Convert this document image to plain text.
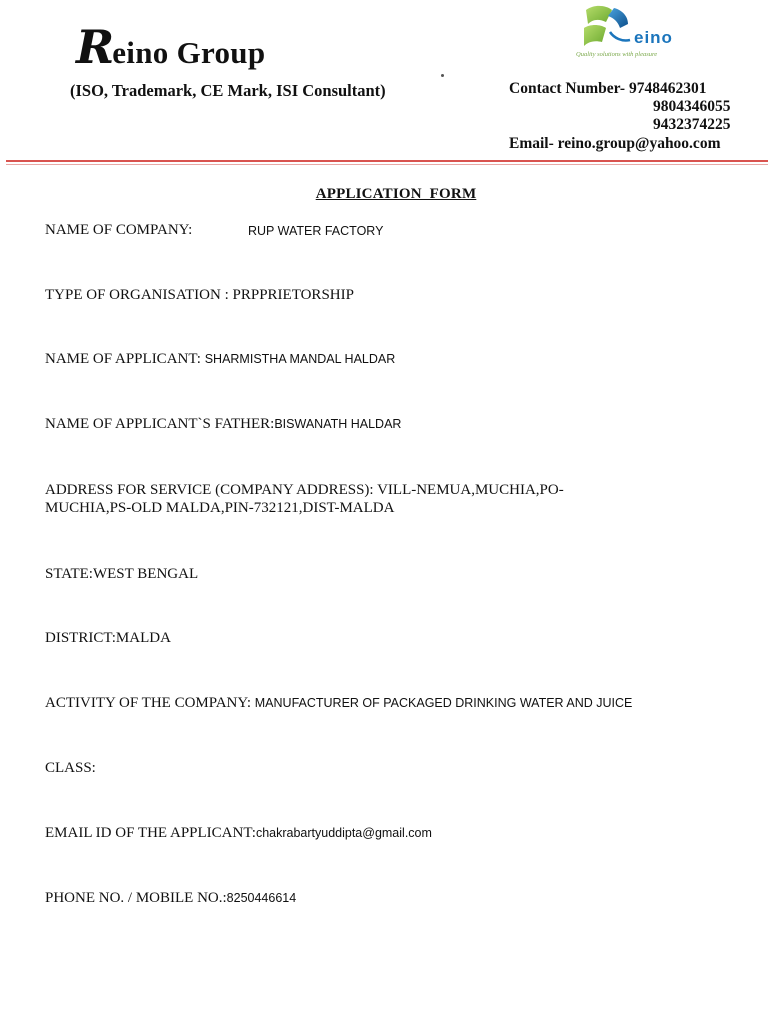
Reino Group
(ISO, Trademark, CE Mark, ISI Consultant)
eino
Quality solutions with pleasure
Contact Number- 9748462301
9804346055
9432374225
Email- reino.group@yahoo.com
APPLICATION  FORM
NAME OF COMPANY:	RUP WATER FACTORY
TYPE OF ORGANISATION : PRPPRIETORSHIP
NAME OF APPLICANT: SHARMISTHA MANDAL HALDAR
NAME OF APPLICANT`S FATHER:BISWANATH HALDAR
ADDRESS FOR SERVICE (COMPANY ADDRESS): VILL-NEMUA,MUCHIA,PO-MUCHIA,PS-OLD MALDA,PIN-732121,DIST-MALDA
STATE:WEST BENGAL
DISTRICT:MALDA
ACTIVITY OF THE COMPANY: MANUFACTURER OF PACKAGED DRINKING WATER AND JUICE
CLASS:
EMAIL ID OF THE APPLICANT:chakrabartyuddipta@gmail.com
PHONE NO. / MOBILE NO.:8250446614
